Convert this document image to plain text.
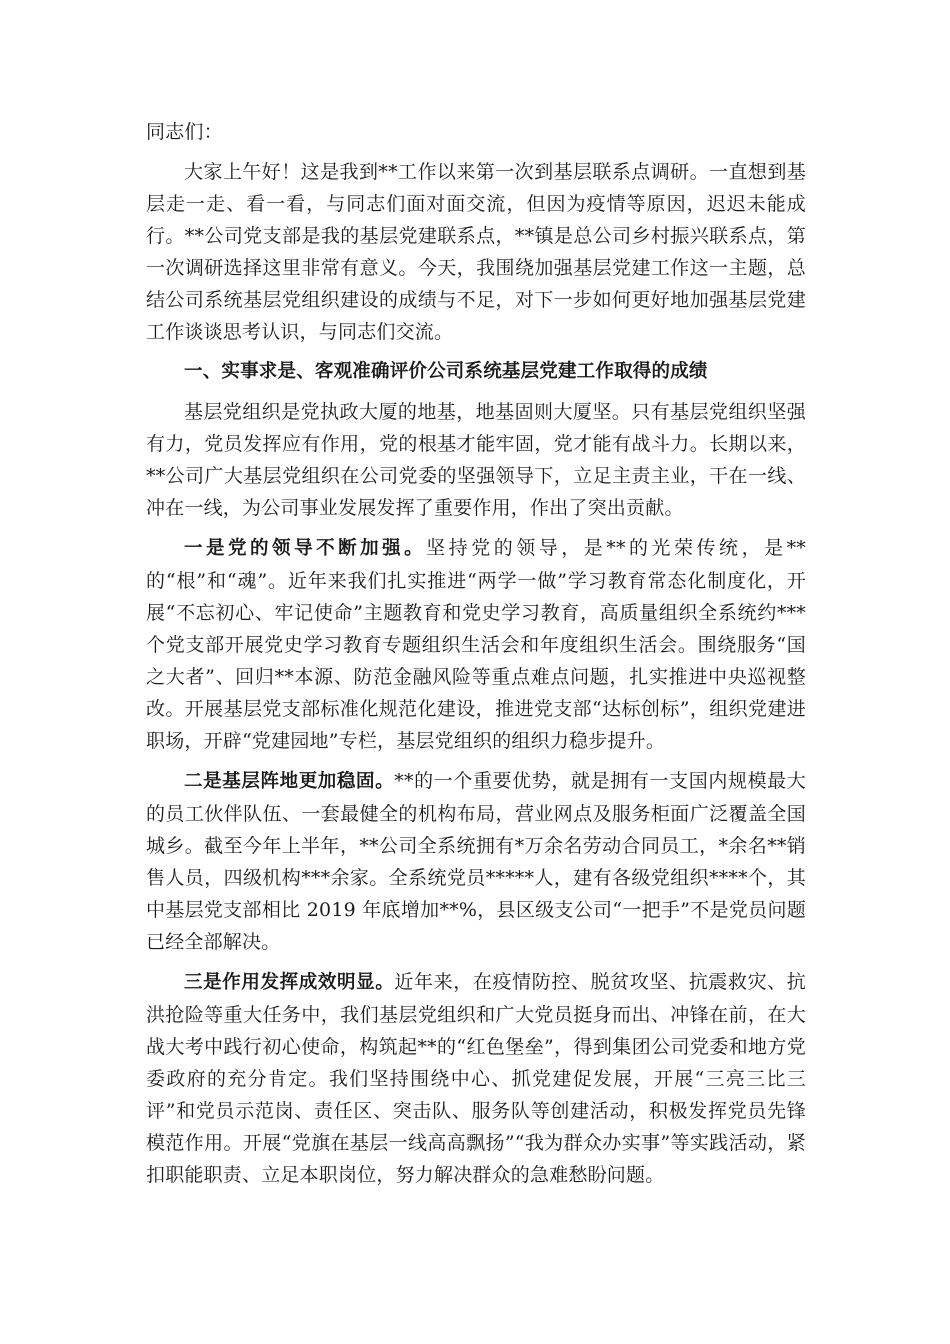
同志们：

大家上午好！这是我到**工作以来第一次到基层联系点调研。一直想到基层走一走、看一看，与同志们面对面交流，但因为疫情等原因，迟迟未能成行。**公司党支部是我的基层党建联系点，**镇是总公司乡村振兴联系点，第一次调研选择这里非常有意义。今天，我围绕加强基层党建工作这一主题，总结公司系统基层党组织建设的成绩与不足，对下一步如何更好地加强基层党建工作谈谈思考认识，与同志们交流。

一、实事求是、客观准确评价公司系统基层党建工作取得的成绩

基层党组织是党执政大厦的地基，地基固则大厦坚。只有基层党组织坚强有力，党员发挥应有作用，党的根基才能牢固，党才能有战斗力。长期以来，**公司广大基层党组织在公司党委的坚强领导下，立足主责主业，干在一线、冲在一线，为公司事业发展发挥了重要作用，作出了突出贡献。

一是党的领导不断加强。坚持党的领导，是**的光荣传统，是**的“根”和“魂”。近年来我们扎实推进“两学一做”学习教育常态化制度化，开展“不忘初心、牢记使命”主题教育和党史学习教育，高质量组织全系统约***个党支部开展党史学习教育专题组织生活会和年度组织生活会。围绕服务“国之大者”、回归**本源、防范金融风险等重点难点问题，扎实推进中央巡视整改。开展基层党支部标准化规范化建设，推进党支部“达标创标”，组织党建进职场，开辟“党建园地”专栏，基层党组织的组织力稳步提升。

二是基层阵地更加稳固。**的一个重要优势，就是拥有一支国内规模最大的员工伙伴队伍、一套最健全的机构布局，营业网点及服务柜面广泛覆盖全国城乡。截至今年上半年，**公司全系统拥有*万余名劳动合同员工，*余名**销售人员，四级机构***余家。全系统党员*****人，建有各级党组织****个，其中基层党支部相比 2019 年底增加**%，县区级支公司“一把手”不是党员问题已经全部解决。

三是作用发挥成效明显。近年来，在疫情防控、脱贫攻坚、抗震救灾、抗洪抢险等重大任务中，我们基层党组织和广大党员挺身而出、冲锋在前，在大战大考中践行初心使命，构筑起**的“红色堡垒”，得到集团公司党委和地方党委政府的充分肯定。我们坚持围绕中心、抓党建促发展，开展“三亮三比三评”和党员示范岗、责任区、突击队、服务队等创建活动，积极发挥党员先锋模范作用。开展“党旗在基层一线高高飘扬”“我为群众办实事”等实践活动，紧扣职能职责、立足本职岗位，努力解决群众的急难愁盼问题。
